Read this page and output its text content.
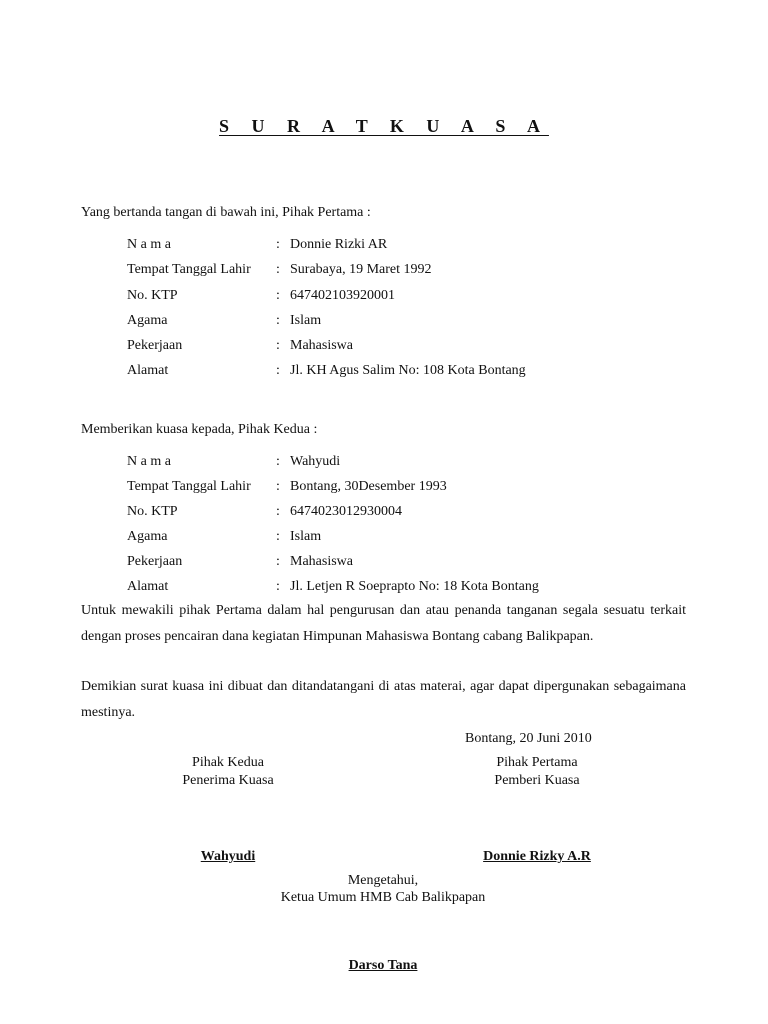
S U R A T K U A S A
Yang bertanda tangan di bawah ini, Pihak Pertama :
N a m a	: Donnie Rizki AR
Tempat Tanggal Lahir : Surabaya, 19 Maret 1992
No. KTP	: 647402103920001
Agama	: Islam
Pekerjaan	: Mahasiswa
Alamat	: Jl. KH Agus Salim No: 108 Kota Bontang
Memberikan kuasa kepada, Pihak Kedua :
N a m a	: Wahyudi
Tempat Tanggal Lahir : Bontang, 30Desember 1993
No. KTP	: 6474023012930004
Agama	: Islam
Pekerjaan	: Mahasiswa
Alamat	: Jl. Letjen R Soeprapto No: 18 Kota Bontang
Untuk mewakili pihak Pertama dalam hal pengurusan dan atau penanda tanganan segala sesuatu terkait dengan proses pencairan dana kegiatan Himpunan Mahasiswa Bontang cabang Balikpapan.
Demikian surat kuasa ini dibuat dan ditandatangani di atas materai, agar dapat dipergunakan sebagaimana mestinya.
Bontang, 20 Juni 2010
Pihak Kedua
Penerima Kuasa
Pihak Pertama
Pemberi Kuasa
Wahyudi	Donnie Rizky A.R
Mengetahui,
Ketua Umum HMB Cab Balikpapan
Darso Tana
